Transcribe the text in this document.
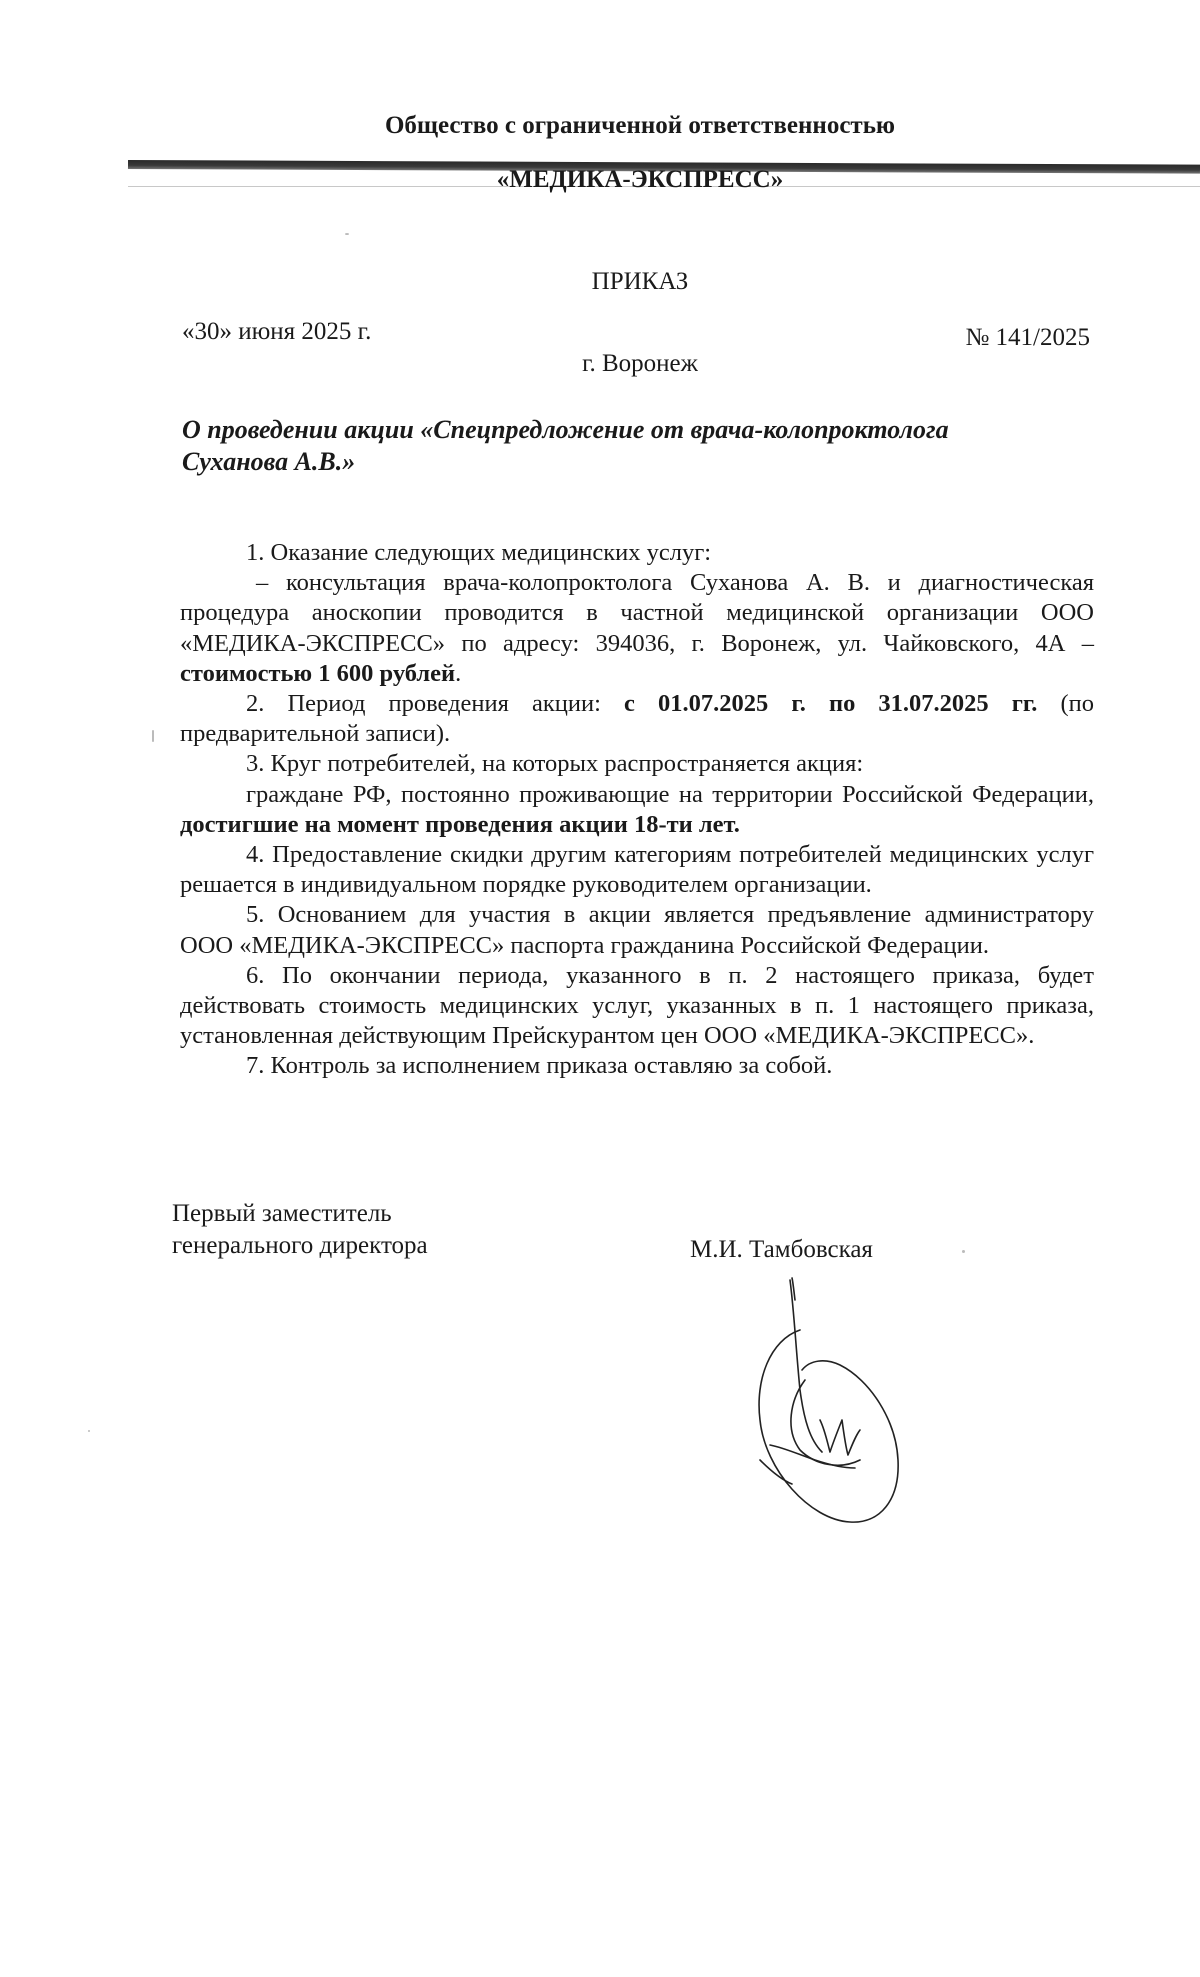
Общество с ограниченной ответственностью
«МЕДИКА-ЭКСПРЕСС»
ПРИКАЗ
«30» июня 2025 г.	№ 141/2025
г. Воронеж
О проведении акции «Спецпредложение от врача-колопроктолога
Суханова А.В.»

1. Оказание следующих медицинских услуг:

– консультация врача-колопроктолога Суханова А. В. и диагностическая процедура аноскопии проводится в частной медицинской организации ООО «МЕДИКА-ЭКСПРЕСС» по адресу: 394036, г. Воронеж, ул. Чайковского, 4А – стоимостью 1 600 рублей.

2. Период проведения акции: с 01.07.2025 г. по 31.07.2025 гг. (по предварительной записи).

3. Круг потребителей, на которых распространяется акция:

граждане РФ, постоянно проживающие на территории Российской Федерации, достигшие на момент проведения акции 18-ти лет.

4. Предоставление скидки другим категориям потребителей медицинских услуг решается в индивидуальном порядке руководителем организации.

5. Основанием для участия в акции является предъявление администратору ООО «МЕДИКА-ЭКСПРЕСС» паспорта гражданина Российской Федерации.

6. По окончании периода, указанного в п. 2 настоящего приказа, будет действовать стоимость медицинских услуг, указанных в п. 1 настоящего приказа, установленная действующим Прейскурантом цен ООО «МЕДИКА-ЭКСПРЕСС».

7. Контроль за исполнением приказа оставляю за собой.

Первый заместитель
генерального директора	М.И. Тамбовская
